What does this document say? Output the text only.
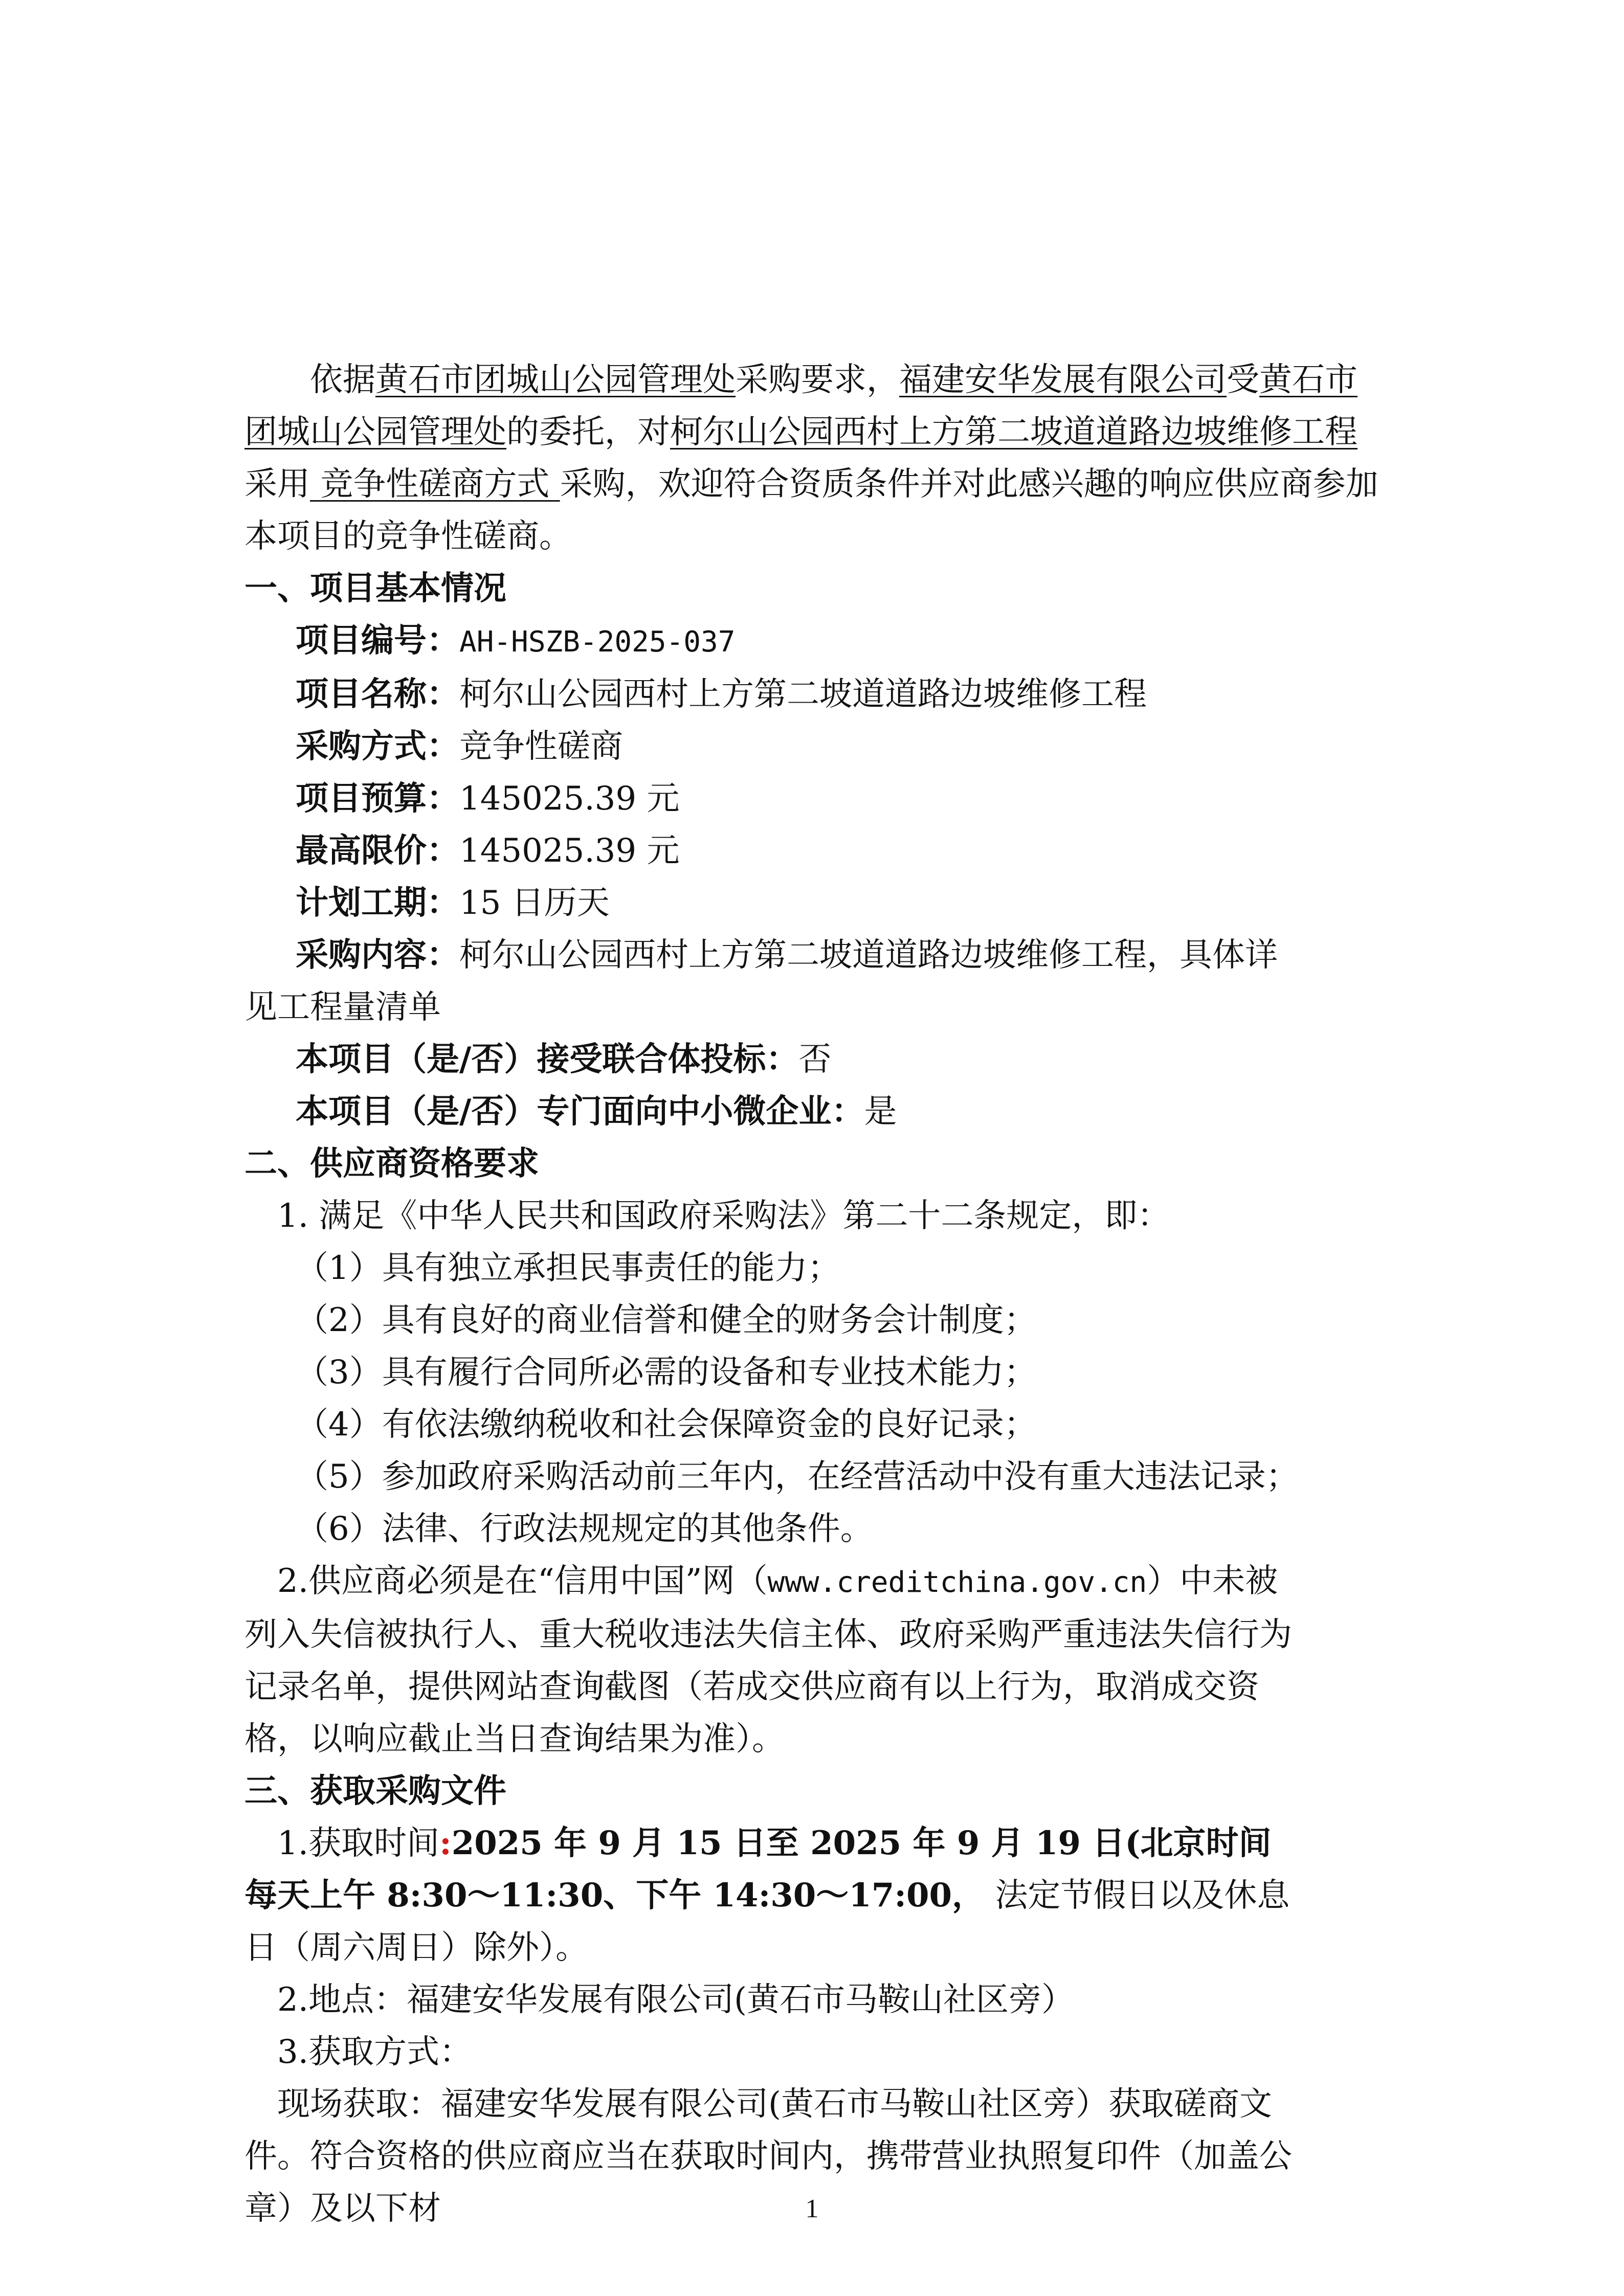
依据黄石市团城山公园管理处采购要求，福建安华发展有限公司受黄石市团城山公园管理处的委托，对柯尔山公园西村上方第二坡道道路边坡维修工程采用 竞争性磋商方式 采购，欢迎符合资质条件并对此感兴趣的响应供应商参加本项目的竞争性磋商。

一、项目基本情况

项目编号：AH-HSZB-2025-037

项目名称：柯尔山公园西村上方第二坡道道路边坡维修工程

采购方式：竞争性磋商

项目预算：145025.39 元

最高限价：145025.39 元

计划工期：15 日历天

采购内容：柯尔山公园西村上方第二坡道道路边坡维修工程，具体详见工程量清单

本项目（是/否）接受联合体投标：否

本项目（是/否）专门面向中小微企业：是

二、供应商资格要求

1. 满足《中华人民共和国政府采购法》第二十二条规定，即：

（1）具有独立承担民事责任的能力；

（2）具有良好的商业信誉和健全的财务会计制度；

（3）具有履行合同所必需的设备和专业技术能力；

（4）有依法缴纳税收和社会保障资金的良好记录；

（5）参加政府采购活动前三年内，在经营活动中没有重大违法记录；

（6）法律、行政法规规定的其他条件。

2.供应商必须是在“信用中国”网（www.creditchina.gov.cn）中未被列入失信被执行人、重大税收违法失信主体、政府采购严重违法失信行为记录名单，提供网站查询截图（若成交供应商有以上行为，取消成交资格，以响应截止当日查询结果为准）。

三、获取采购文件

1.获取时间:2025 年 9 月 15 日至 2025 年 9 月 19 日(北京时间每天上午 8:30～11:30、下午 14:30～17:00， 法定节假日以及休息日（周六周日）除外）。

2.地点：福建安华发展有限公司(黄石市马鞍山社区旁）

3.获取方式：

现场获取：福建安华发展有限公司(黄石市马鞍山社区旁）获取磋商文件。符合资格的供应商应当在获取时间内，携带营业执照复印件（加盖公章）及以下材	1
